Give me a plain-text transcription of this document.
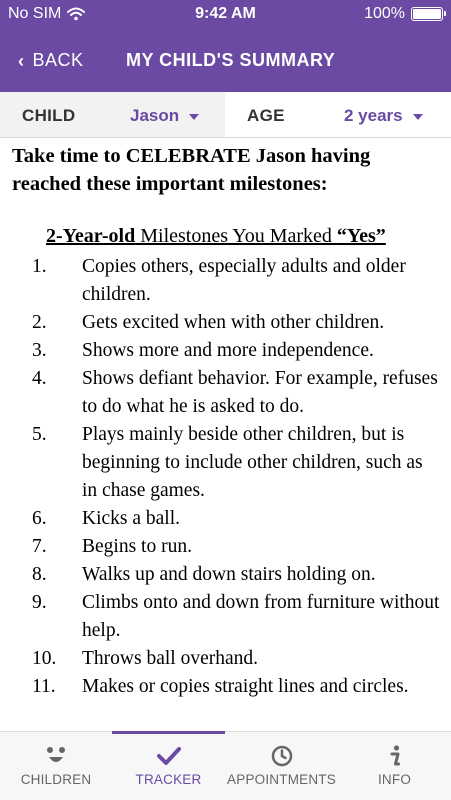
No SIM	9:42 AM	100%
‹ BACK MY CHILD'S SUMMARY
CHILD	Jason	AGE	2 years

Take time to CELEBRATE Jason having reached these important milestones:

2-Year-old Milestones You Marked “Yes”
1.	Copies others, especially adults and older children.
2.	Gets excited when with other children.
3.	Shows more and more independence.
4.	Shows defiant behavior. For example, refuses to do what he is asked to do.
5.	Plays mainly beside other children, but is beginning to include other children, such as in chase games.
6.	Kicks a ball.
7.	Begins to run.
8.	Walks up and down stairs holding on.
9.	Climbs onto and down from furniture without help.
10.	Throws ball overhand.
11.	Makes or copies straight lines and circles.
CHILDREN	TRACKER	APPOINTMENTS	INFO
